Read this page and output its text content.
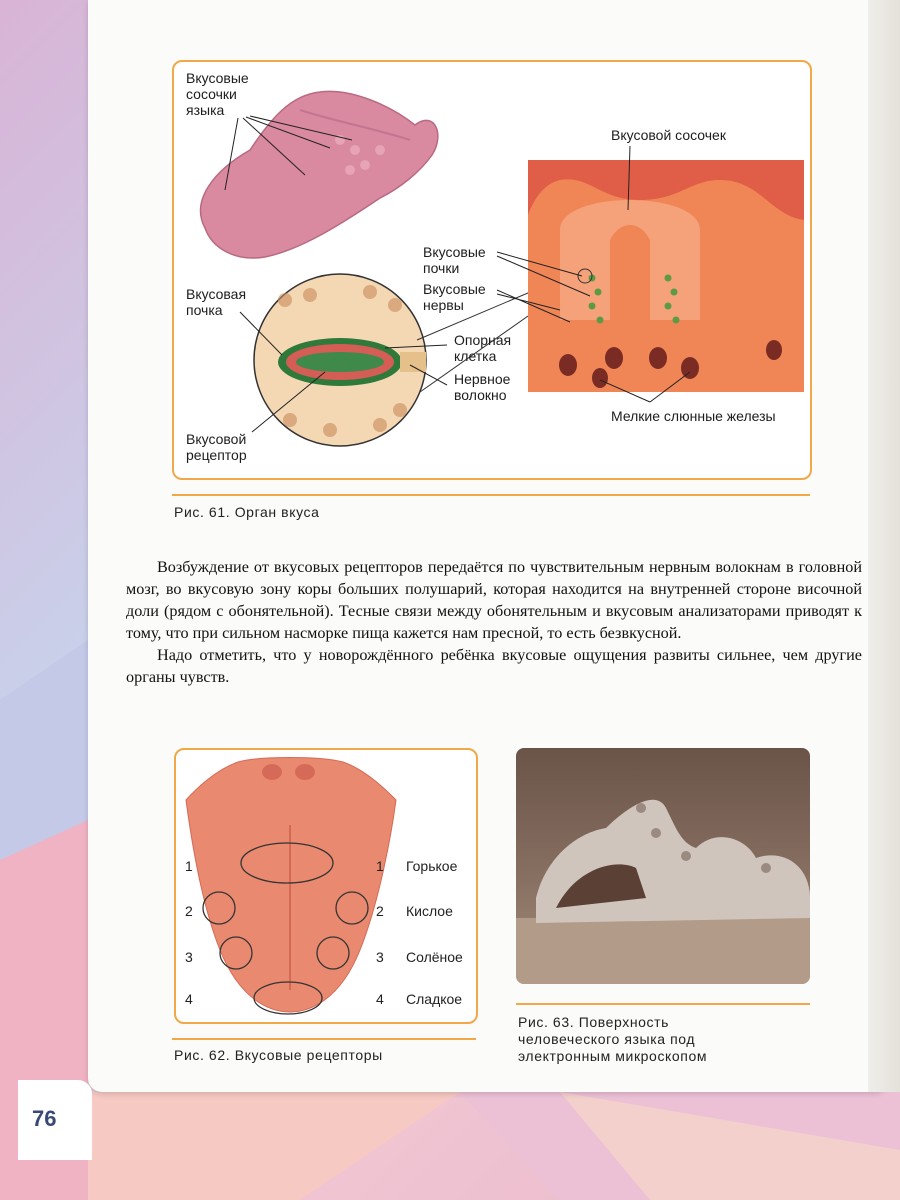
Вкусовые сосочки языка
Вкусовой сосочек
Вкусовые почки
Вкусовые нервы
Вкусовая почка
Опорная клетка
Нервное волокно
Вкусовой рецептор
Мелкие слюнные железы
Рис. 61. Орган вкуса

Возбуждение от вкусовых рецепторов передаётся по чувствительным нервным волокнам в головной мозг, во вкусовую зону коры больших полушарий, которая находится на внутренней стороне височной доли (рядом с обонятельной). Тесные связи между обонятельным и вкусовым анализаторами приводят к тому, что при сильном насморке пища кажется нам пресной, то есть безвкусной.

Надо отметить, что у новорождённого ребёнка вкусовые ощущения развиты сильнее, чем другие органы чувств.

1
2
3
4
1 Горькое
2 Кислое
3 Солёное
4 Сладкое
Рис. 62. Вкусовые рецепторы
Рис. 63. Поверхность
человеческого языка под
электронным микроскопом
76
